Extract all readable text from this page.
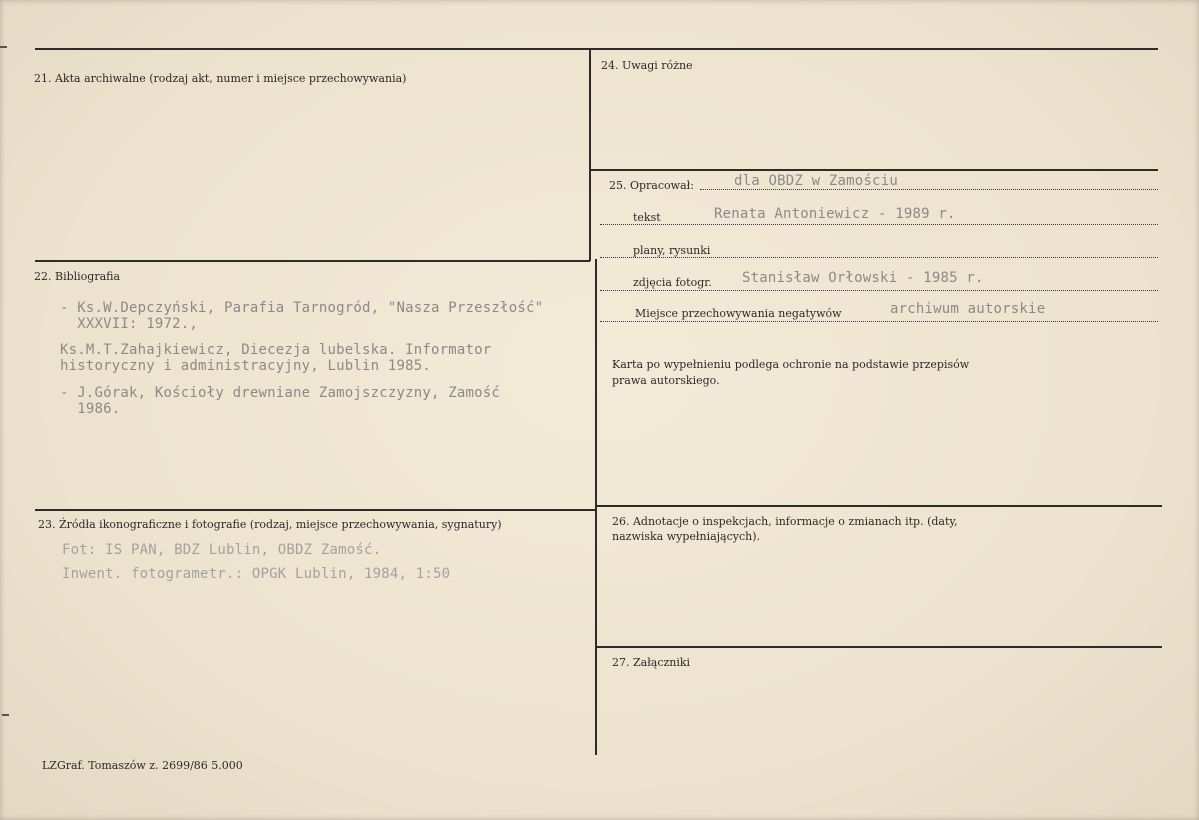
21. Akta archiwalne (rodzaj akt, numer i miejsce przechowywania)
22. Bibliografia
- Ks.W.Depczyński, Parafia Tarnogród, "Nasza Przeszłość"
XXXVII: 1972.,
Ks.M.T.Zahajkiewicz, Diecezja lubelska. Informator
historyczny i administracyjny, Lublin 1985.
- J.Górak, Kościoły drewniane Zamojszczyzny, Zamość
1986.
23. Źródła ikonograficzne i fotografie (rodzaj, miejsce przechowywania, sygnatury)
Fot: IS PAN, BDZ Lublin, OBDZ Zamość.
Inwent. fotogrametr.: OPGK Lublin, 1984, 1:50
24. Uwagi różne
25. Opracował:	dla OBDZ w Zamościu
tekst	Renata Antoniewicz - 1989 r.
plany, rysunki
zdjęcia fotogr. Stanisław Orłowski - 1985 r.
Miejsce przechowywania negatywów	archiwum autorskie
Karta po wypełnieniu podlega ochronie na podstawie przepisów
prawa autorskiego.
26. Adnotacje o inspekcjach, informacje o zmianach itp. (daty,
nazwiska wypełniających).
27. Załączniki
LZGraf. Tomaszów z. 2699/86 5.000
